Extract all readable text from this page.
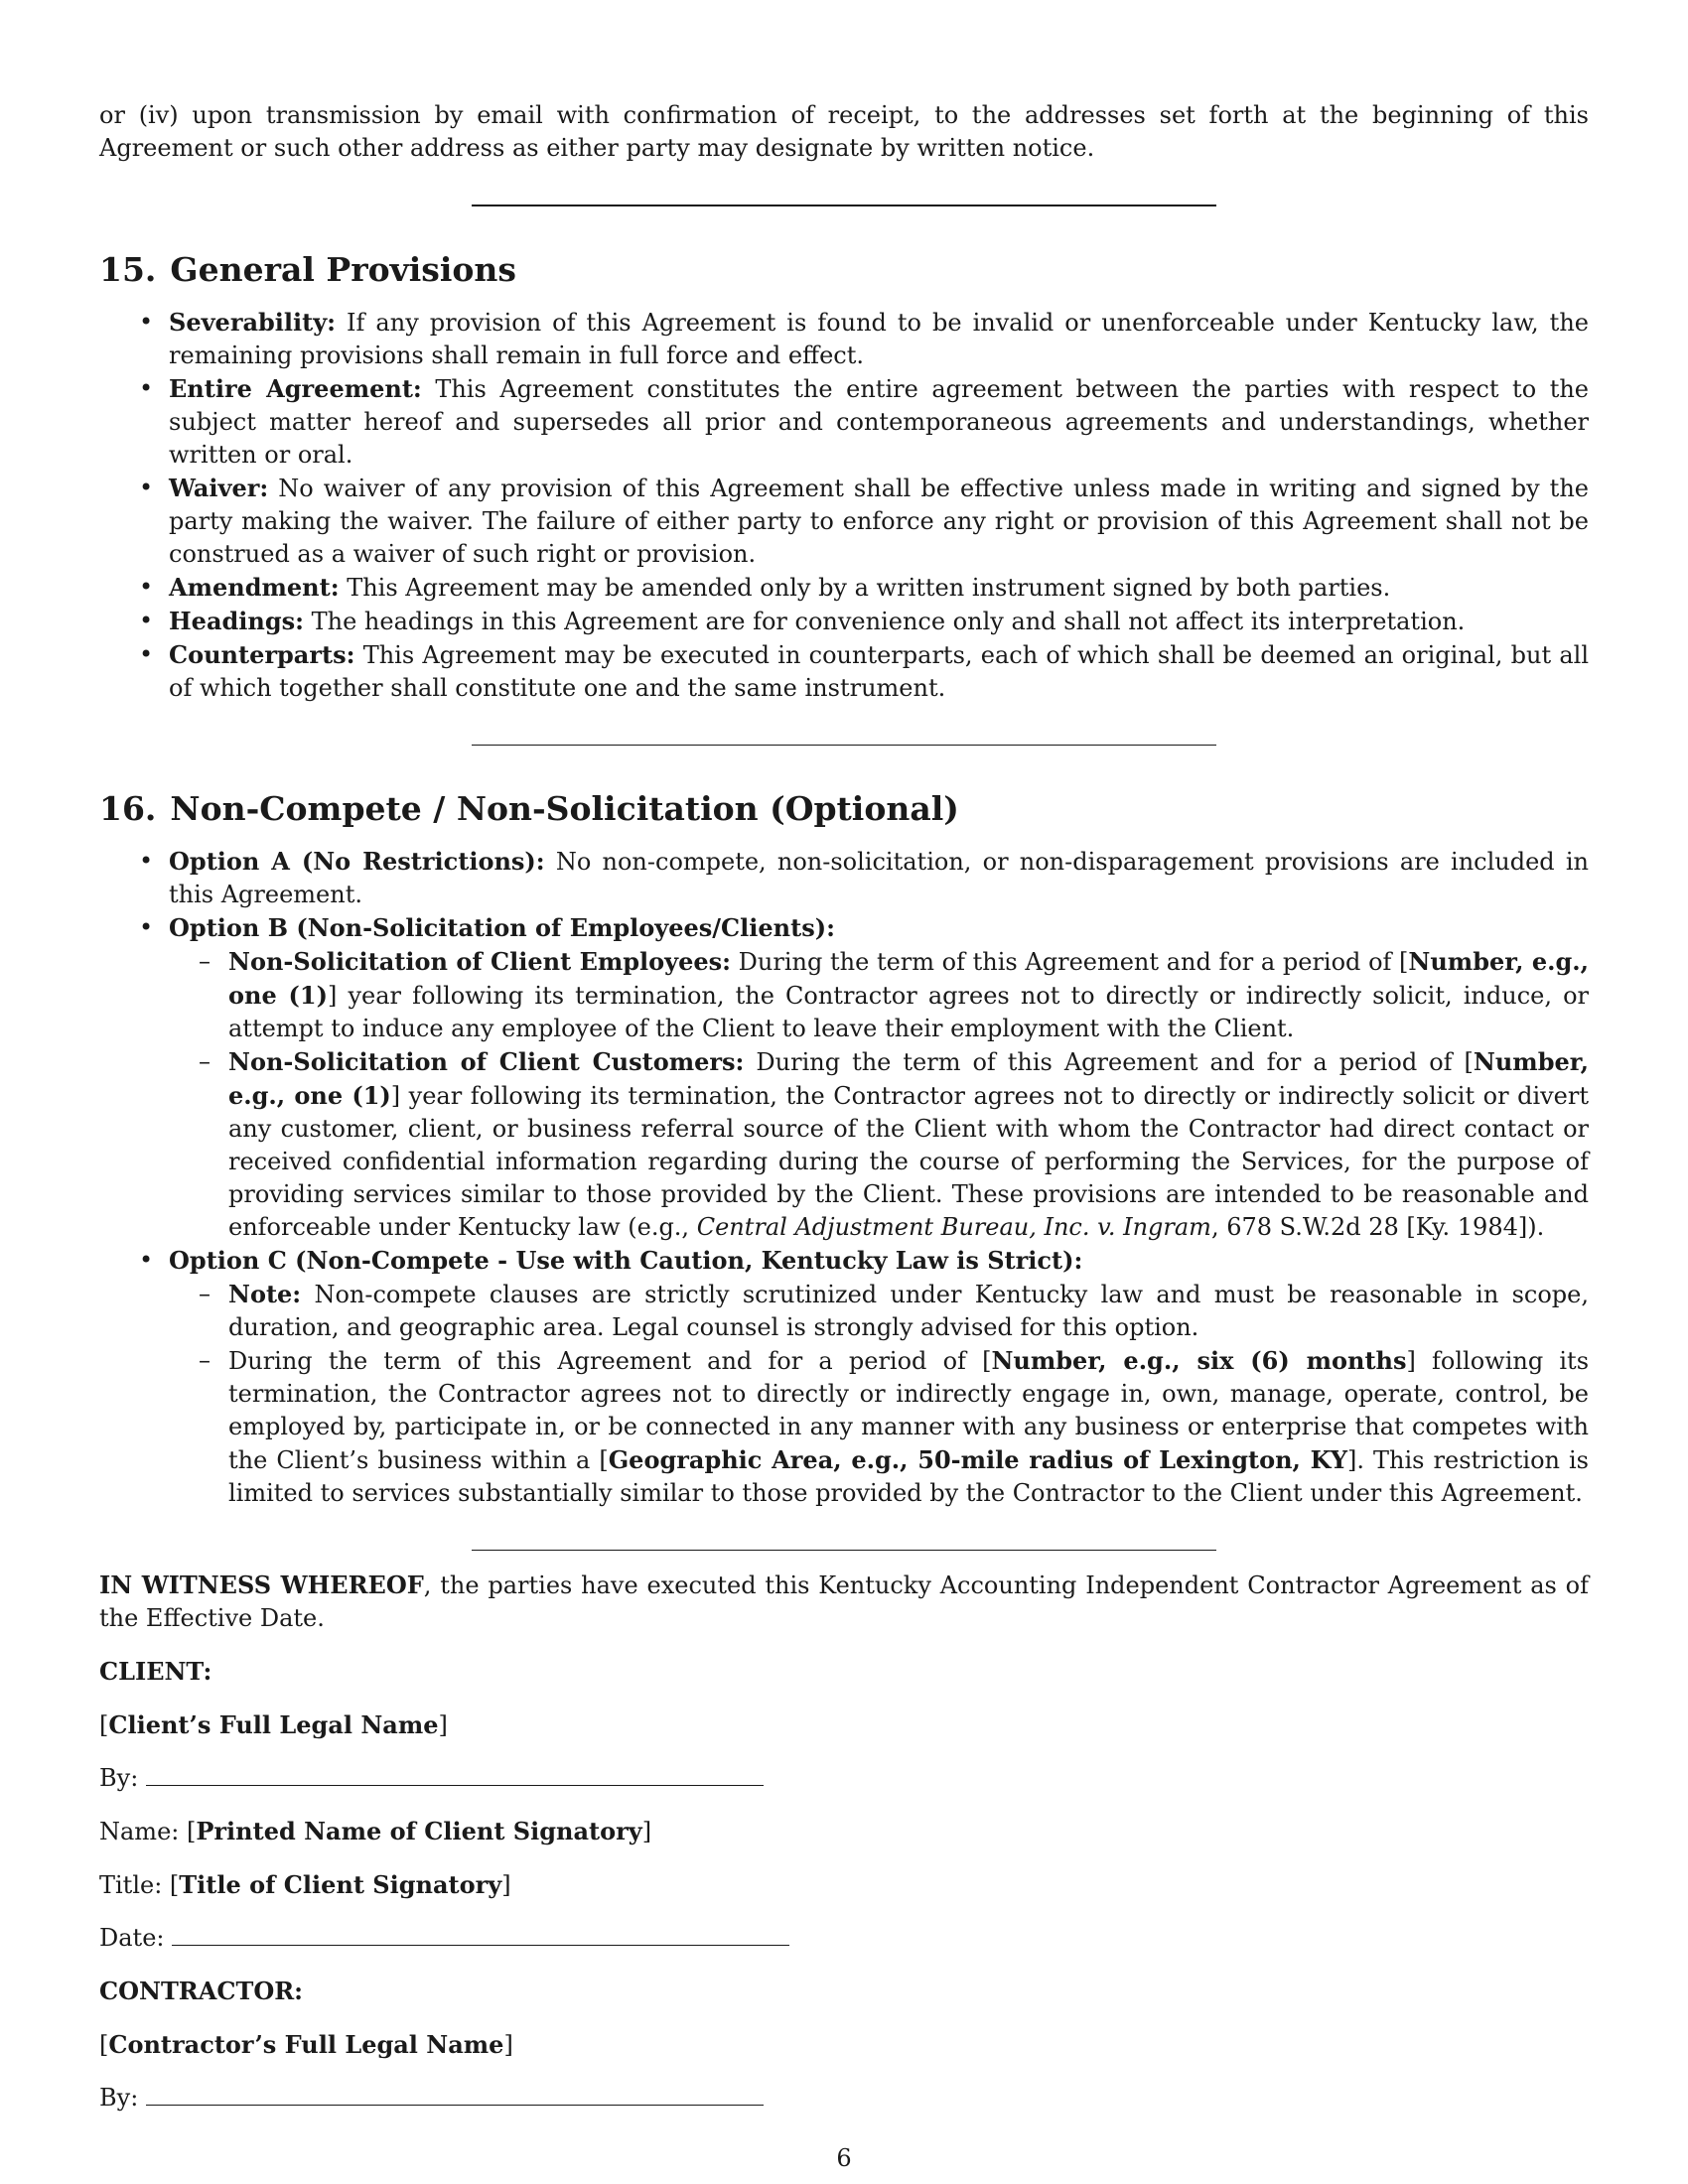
or (iv) upon transmission by email with confirmation of receipt, to the addresses set forth at the beginning of this Agreement or such other address as either party may designate by written notice.

15. General Provisions
• Severability: If any provision of this Agreement is found to be invalid or unenforceable under Kentucky law, the remaining provisions shall remain in full force and effect.
• Entire Agreement: This Agreement constitutes the entire agreement between the parties with respect to the subject matter hereof and supersedes all prior and contemporaneous agreements and understandings, whether written or oral.
• Waiver: No waiver of any provision of this Agreement shall be effective unless made in writing and signed by the party making the waiver. The failure of either party to enforce any right or provision of this Agreement shall not be construed as a waiver of such right or provision.
• Amendment: This Agreement may be amended only by a written instrument signed by both parties.
• Headings: The headings in this Agreement are for convenience only and shall not affect its interpretation.
• Counterparts: This Agreement may be executed in counterparts, each of which shall be deemed an original, but all of which together shall constitute one and the same instrument.
16. Non-Compete / Non-Solicitation (Optional)
• Option A (No Restrictions): No non-compete, non-solicitation, or non-disparagement provisions are included in this Agreement.
• Option B (Non-Solicitation of Employees/Clients):
– Non-Solicitation of Client Employees: During the term of this Agreement and for a period of [Number, e.g., one (1)] year following its termination, the Contractor agrees not to directly or indirectly solicit, induce, or attempt to induce any employee of the Client to leave their employment with the Client.
– Non-Solicitation of Client Customers: During the term of this Agreement and for a period of [Number, e.g., one (1)] year following its termination, the Contractor agrees not to directly or indirectly solicit or divert any customer, client, or business referral source of the Client with whom the Contractor had direct contact or received confidential information regarding during the course of performing the Services, for the purpose of providing services similar to those provided by the Client. These provisions are intended to be reasonable and enforceable under Kentucky law (e.g., Central Adjustment Bureau, Inc. v. Ingram, 678 S.W.2d 28 [Ky. 1984]).
• Option C (Non-Compete - Use with Caution, Kentucky Law is Strict):
– Note: Non-compete clauses are strictly scrutinized under Kentucky law and must be reasonable in scope, duration, and geographic area. Legal counsel is strongly advised for this option.
– During the term of this Agreement and for a period of [Number, e.g., six (6) months] following its termination, the Contractor agrees not to directly or indirectly engage in, own, manage, operate, control, be employed by, participate in, or be connected in any manner with any business or enterprise that competes with the Client’s business within a [Geographic Area, e.g., 50-mile radius of Lexington, KY]. This restriction is limited to services substantially similar to those provided by the Contractor to the Client under this Agreement.

IN WITNESS WHEREOF, the parties have executed this Kentucky Accounting Independent Contractor Agreement as of the Effective Date.

CLIENT:

[Client’s Full Legal Name]

By:

Name: [Printed Name of Client Signatory]

Title: [Title of Client Signatory]

Date:

CONTRACTOR:

[Contractor’s Full Legal Name]

By:

6
